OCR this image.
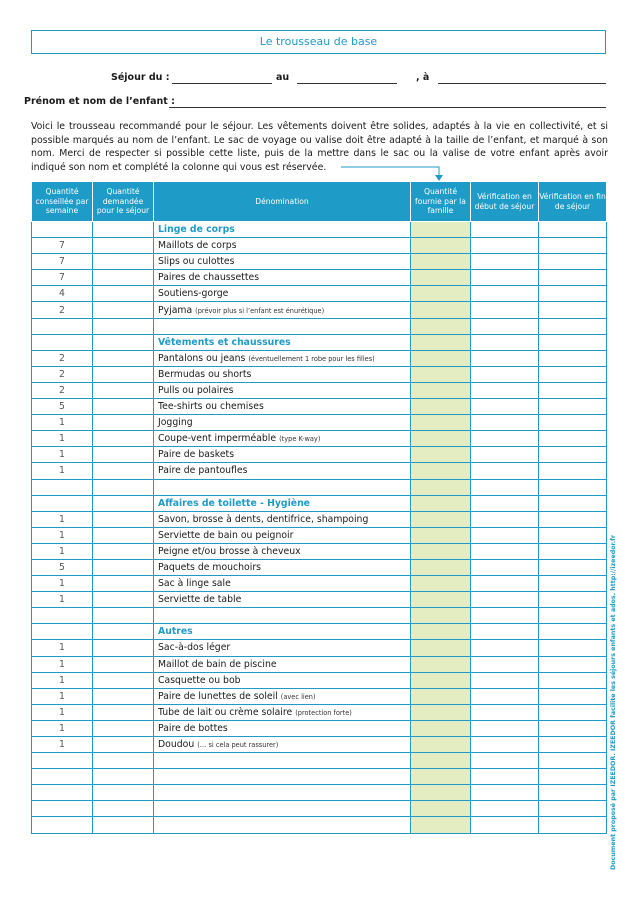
Le trousseau de base
Séjour du :	au	, à
Prénom et nom de l’enfant :
Voici le trousseau recommandé pour le séjour. Les vêtements doivent être solides, adaptés à la vie en collectivité, et si possible marqués au nom de l’enfant. Le sac de voyage ou valise doit être adapté à la taille de l’enfant, et marqué à son nom. Merci de respecter si possible cette liste, puis de la mettre dans le sac ou la valise de votre enfant après avoir indiqué son nom et complété la colonne qui vous est réservée.
Quantité conseillée par semaine	Quantité demandée pour le séjour	Dénomination	Quantité fournie par la famille	Vérification en début de séjour	Vérification en fin de séjour
		Linge de corps			
7		Maillots de corps			
7		Slips ou culottes			
7		Paires de chaussettes			
4		Soutiens-gorge			
2		Pyjama (prévoir plus si l’enfant est énurétique)			

		Vêtements et chaussures			
2		Pantalons ou jeans (éventuellement 1 robe pour les filles)			
2		Bermudas ou shorts			
2		Pulls ou polaires			
5		Tee-shirts ou chemises			
1		Jogging			
1		Coupe-vent imperméable (type K-way)			
1		Paire de baskets			
1		Paire de pantoufles			

		Affaires de toilette - Hygiène			
1		Savon, brosse à dents, dentifrice, shampoing			
1		Serviette de bain ou peignoir			
1		Peigne et/ou brosse à cheveux			
5		Paquets de mouchoirs			
1		Sac à linge sale			
1		Serviette de table			

		Autres			
1		Sac-à-dos léger			
1		Maillot de bain de piscine			
1		Casquette ou bob			
1		Paire de lunettes de soleil (avec lien)			
1		Tube de lait ou crème solaire (protection forte)			
1		Paire de bottes			
1		Doudou (… si cela peut rassurer)			

						Document proposé par IZEEDOR. IZEEDOR facilite les séjours enfants et ados. http://izeedor.fr
